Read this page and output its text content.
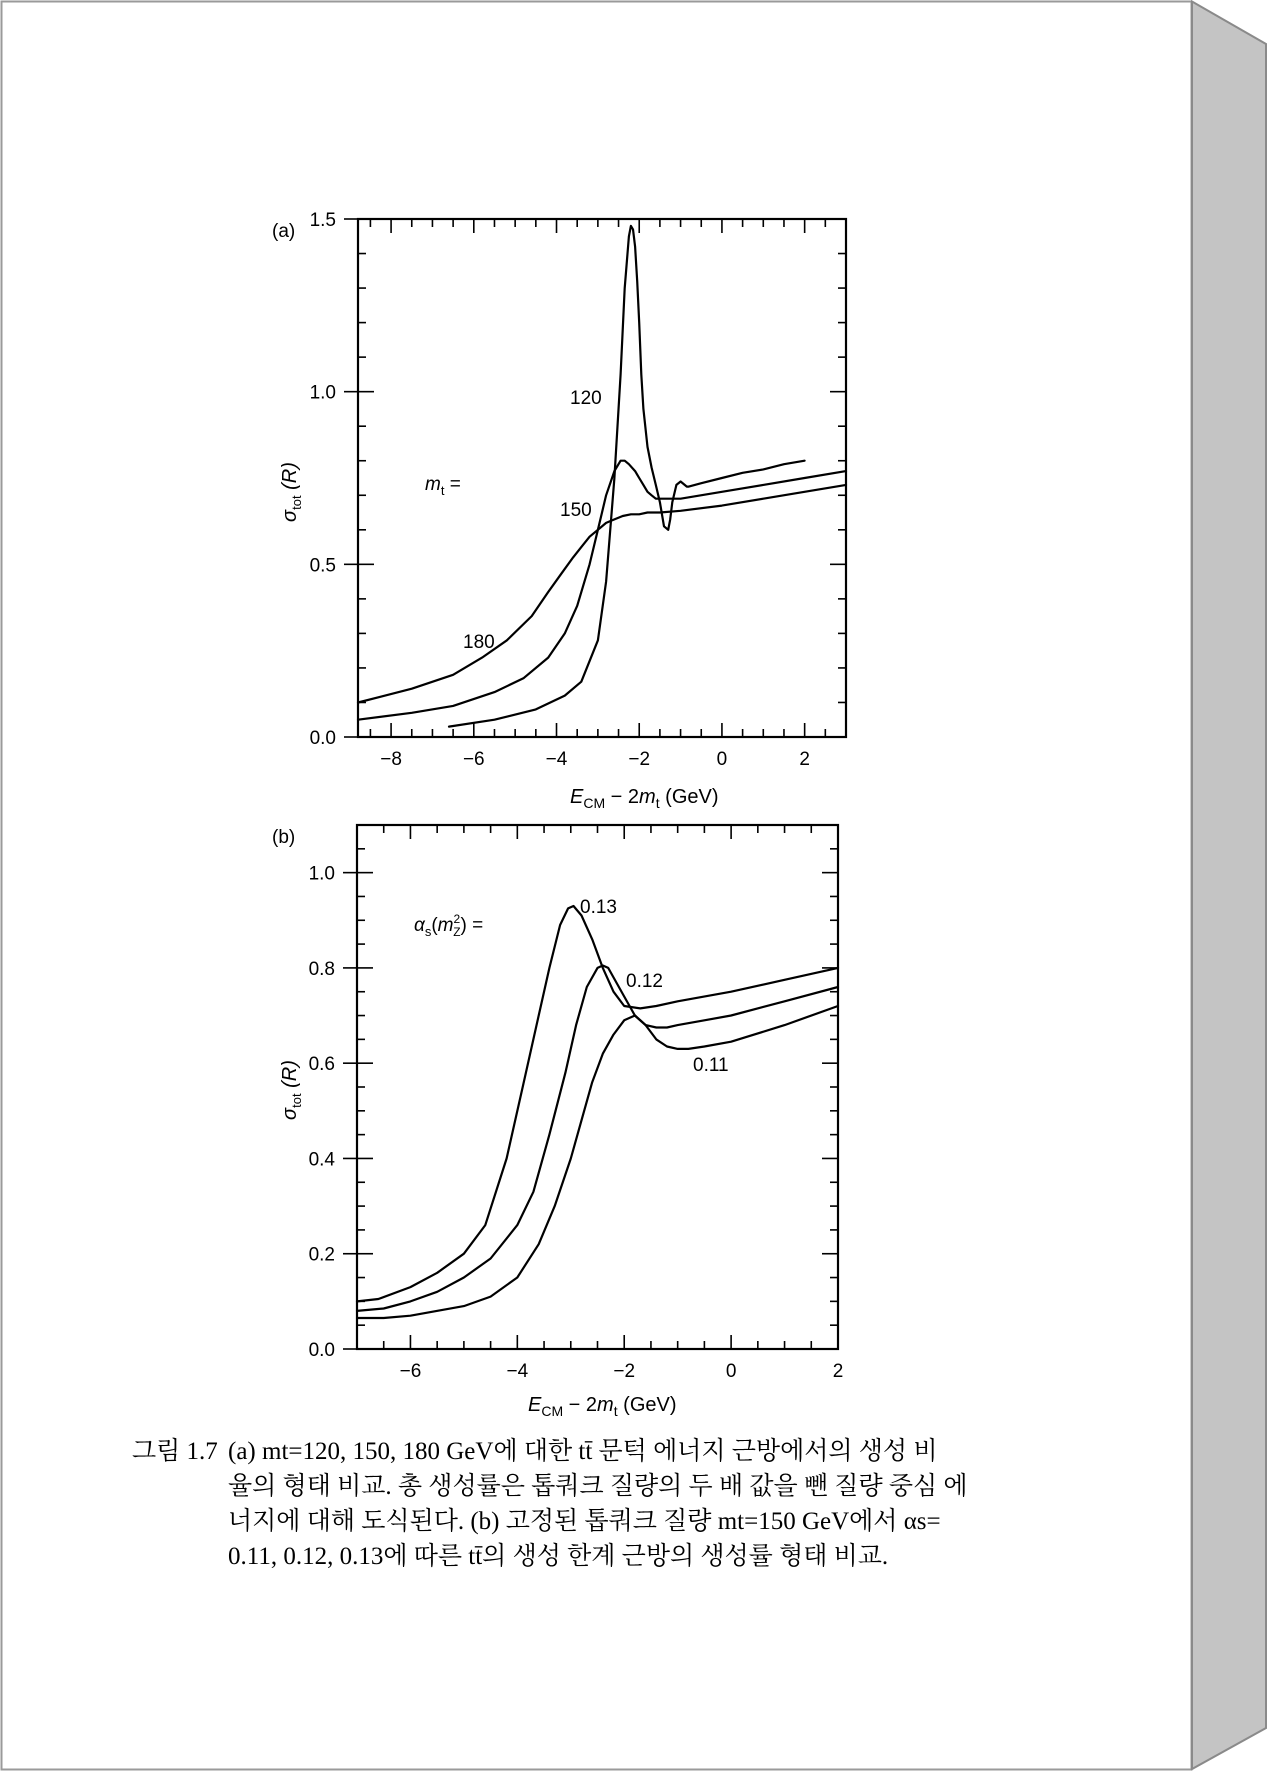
−8	−6	−4	−2	0	2
0.0
0.5
1.0
1.5
(a)
$E_{CM} - 2m_t$ (GeV)
$\sigma_{tot}$ (R)	$m_t$ =
120
150
180
−6	−4	−2	0	2
0.0
0.2
0.4
0.6
0.8
1.0
(b)
$E_{CM} - 2m_t$ (GeV)
$\sigma_{tot}$ (R)
$\alpha_s(m^2$ Z) =
0.13
0.12
0.11
그림 1.7 (a) mt=120, 150, 180 GeV에 대한 tt̄ 문턱 에너지 근방에서의 생성 비
율의 형태 비교. 총 생성률은 톱쿼크 질량의 두 배 값을 뺀 질량 중심 에
너지에 대해 도식된다. (b) 고정된 톱쿼크 질량 mt=150 GeV에서 αs=
0.11, 0.12, 0.13에 따른 tt̄의 생성 한계 근방의 생성률 형태 비교.
